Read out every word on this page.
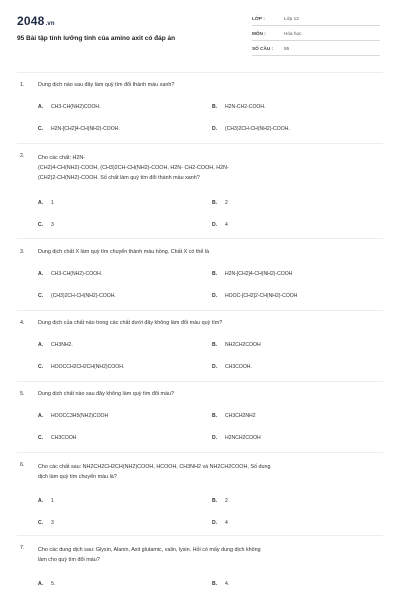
2048.vn
95 Bài tập tính lưỡng tính của amino axit có đáp án
LỚP :	Lớp 12
MÔN :	Hóa học
SỐ CÂU : 95
1.	Dung dịch nào sau đây làm quỳ tím đổi thành màu xanh?
A. CH3-CH(NH2)COOH.	B. H2N-CH2-COOH.
C. H2N-[CH2]4-CH(NH2)-COOH.	D. (CH3)2CH-CH(NH2)-COOH.
2.	Cho các chất: H2N-
(CH2)4-CH(NH2)-COOH, (CH3)2CH-CH(NH2)-COOH, H2N- CH2-COOH, H2N-
(CH2)2-CH(NH2)-COOH. Số chất làm quỳ tím đổi thành màu xanh?
A. 1	B. 2
C. 3	D. 4
3.	Dung dịch chất X làm quỳ tím chuyển thành màu hồng. Chất X có thể là
A. CH3-CH(NH2)-COOH.	B. H2N-[CH2]4-CH(NH2)-COOH
C. (CH3)2CH-CH(NH2)-COOH.	D. HOOC-[CH2]2-CH(NH2)-COOH
4.	Dung dịch của chất nào trong các chất dưới đây không làm đổi màu quỳ tím?
A. CH3NH2.	B. NH2CH2COOH
C. HOOCCH2CH2CH(NH2)COOH.	D. CH3COOH.
5.	Dung dịch chất nào sau đây không làm quỳ tím đổi màu?
A. HOOCC3H5(NH2)COOH	B. CH3CH2NH2
C. CH3COOH	D. H2NCH2COOH
6.	Cho các chất sau: NH2CH2CH2CH(NH2)COOH, HCOOH, CH3NH2 và NH2CH2COOH, Số dung
dịch làm quỳ tím chuyển màu là?
A. 1	B. 2
C. 3	D. 4
7.	Cho các dung dịch sau: Glyxin, Alanin, Axit glutamic, valin, lysin. Hỏi có mấy dung dịch không
làm cho quỳ tím đổi màu?
A. 5.	B. 4.
